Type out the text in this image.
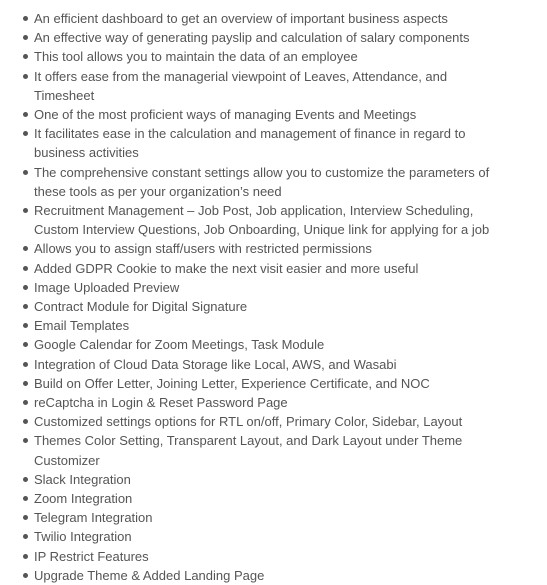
An efficient dashboard to get an overview of important business aspects
An effective way of generating payslip and calculation of salary components
This tool allows you to maintain the data of an employee
It offers ease from the managerial viewpoint of Leaves, Attendance, and Timesheet
One of the most proficient ways of managing Events and Meetings
It facilitates ease in the calculation and management of finance in regard to business activities
The comprehensive constant settings allow you to customize the parameters of these tools as per your organization’s need
Recruitment Management – Job Post, Job application, Interview Scheduling, Custom Interview Questions, Job Onboarding, Unique link for applying for a job
Allows you to assign staff/users with restricted permissions
Added GDPR Cookie to make the next visit easier and more useful
Image Uploaded Preview
Contract Module for Digital Signature
Email Templates
Google Calendar for Zoom Meetings, Task Module
Integration of Cloud Data Storage like Local, AWS, and Wasabi
Build on Offer Letter, Joining Letter, Experience Certificate, and NOC
reCaptcha in Login & Reset Password Page
Customized settings options for RTL on/off, Primary Color, Sidebar, Layout
Themes Color Setting, Transparent Layout, and Dark Layout under Theme Customizer
Slack Integration
Zoom Integration
Telegram Integration
Twilio Integration
IP Restrict Features
Upgrade Theme & Added Landing Page
